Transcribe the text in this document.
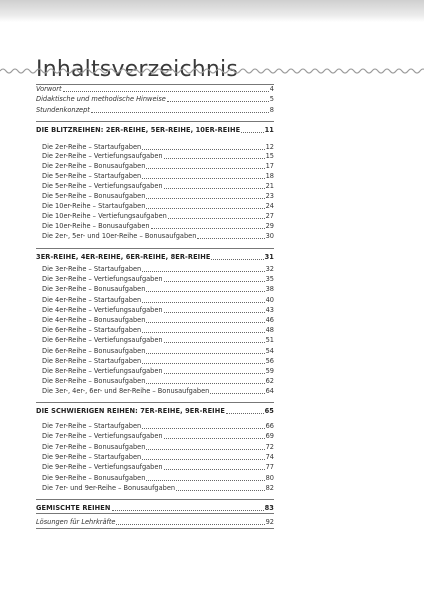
Inhaltsverzeichnis
Vorwort	4
Didaktische und methodische Hinweise	5
Stundenkonzept	8
DIE BLITZREIHEN: 2ER-REIHE, 5ER-REIHE, 10ER-REIHE	11
Die 2er-Reihe – Startaufgaben	12
Die 2er-Reihe – Vertiefungsaufgaben	15
Die 2er-Reihe – Bonusaufgaben	17
Die 5er-Reihe – Startaufgaben	18
Die 5er-Reihe – Vertiefungsaufgaben	21
Die 5er-Reihe – Bonusaufgaben	23
Die 10er-Reihe – Startaufgaben	24
Die 10er-Reihe – Vertiefungsaufgaben	27
Die 10er-Reihe – Bonusaufgaben	29
Die 2er-, 5er- und 10er-Reihe – Bonusaufgaben	30
3ER-REIHE, 4ER-REIHE, 6ER-REIHE, 8ER-REIHE	31
Die 3er-Reihe – Startaufgaben	32
Die 3er-Reihe – Vertiefungsaufgaben	35
Die 3er-Reihe – Bonusaufgaben	38
Die 4er-Reihe – Startaufgaben	40
Die 4er-Reihe – Vertiefungsaufgaben	43
Die 4er-Reihe – Bonusaufgaben	46
Die 6er-Reihe – Startaufgaben	48
Die 6er-Reihe – Vertiefungsaufgaben	51
Die 6er-Reihe – Bonusaufgaben	54
Die 8er-Reihe – Startaufgaben	56
Die 8er-Reihe – Vertiefungsaufgaben	59
Die 8er-Reihe – Bonusaufgaben	62
Die 3er-, 4er-, 6er- und 8er-Reihe – Bonusaufgaben	64
DIE SCHWIERIGEN REIHEN: 7ER-REIHE, 9ER-REIHE	65
Die 7er-Reihe – Startaufgaben	66
Die 7er-Reihe – Vertiefungsaufgaben	69
Die 7er-Reihe – Bonusaufgaben	72
Die 9er-Reihe – Startaufgaben	74
Die 9er-Reihe – Vertiefungsaufgaben	77
Die 9er-Reihe – Bonusaufgaben	80
Die 7er- und 9er-Reihe – Bonusaufgaben	82
GEMISCHTE REIHEN	83
Lösungen für Lehrkräfte	92
